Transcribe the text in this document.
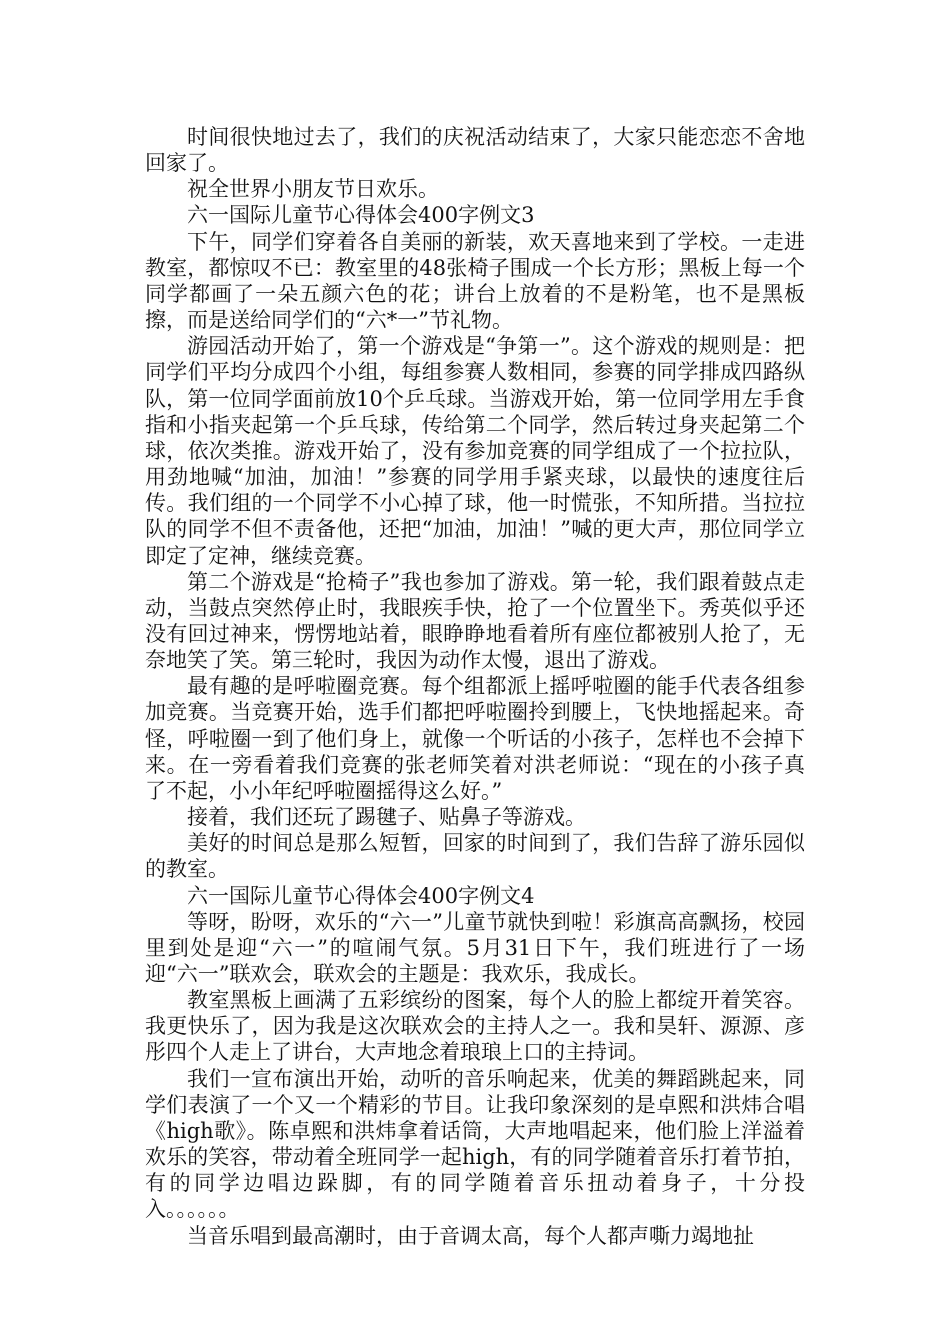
时间很快地过去了，我们的庆祝活动结束了，大家只能恋恋不舍地回家了。

祝全世界小朋友节日欢乐。

六一国际儿童节心得体会400字例文3

下午，同学们穿着各自美丽的新装，欢天喜地来到了学校。一走进教室，都惊叹不已：教室里的48张椅子围成一个长方形；黑板上每一个同学都画了一朵五颜六色的花；讲台上放着的不是粉笔，也不是黑板擦，而是送给同学们的“六*一”节礼物。

游园活动开始了，第一个游戏是“争第一”。这个游戏的规则是：把同学们平均分成四个小组，每组参赛人数相同，参赛的同学排成四路纵队，第一位同学面前放10个乒乓球。当游戏开始，第一位同学用左手食指和小指夹起第一个乒乓球，传给第二个同学，然后转过身夹起第二个球，依次类推。游戏开始了，没有参加竞赛的同学组成了一个拉拉队，用劲地喊“加油，加油！”参赛的同学用手紧夹球，以最快的速度往后传。我们组的一个同学不小心掉了球，他一时慌张，不知所措。当拉拉队的同学不但不责备他，还把“加油，加油！”喊的更大声，那位同学立即定了定神，继续竞赛。

第二个游戏是“抢椅子”我也参加了游戏。第一轮，我们跟着鼓点走动，当鼓点突然停止时，我眼疾手快，抢了一个位置坐下。秀英似乎还没有回过神来，愣愣地站着，眼睁睁地看着所有座位都被别人抢了，无奈地笑了笑。第三轮时，我因为动作太慢，退出了游戏。

最有趣的是呼啦圈竞赛。每个组都派上摇呼啦圈的能手代表各组参加竞赛。当竞赛开始，选手们都把呼啦圈拎到腰上，飞快地摇起来。奇怪，呼啦圈一到了他们身上，就像一个听话的小孩子，怎样也不会掉下来。在一旁看着我们竞赛的张老师笑着对洪老师说：“现在的小孩子真了不起，小小年纪呼啦圈摇得这么好。”

接着，我们还玩了踢毽子、贴鼻子等游戏。

美好的时间总是那么短暂，回家的时间到了，我们告辞了游乐园似的教室。

六一国际儿童节心得体会400字例文4

等呀，盼呀，欢乐的“六一”儿童节就快到啦！彩旗高高飘扬，校园里到处是迎“六一”的喧闹气氛。5月31日下午，我们班进行了一场迎“六一”联欢会，联欢会的主题是：我欢乐，我成长。

教室黑板上画满了五彩缤纷的图案，每个人的脸上都绽开着笑容。我更快乐了，因为我是这次联欢会的主持人之一。我和昊轩、源源、彦彤四个人走上了讲台，大声地念着琅琅上口的主持词。

我们一宣布演出开始，动听的音乐响起来，优美的舞蹈跳起来，同学们表演了一个又一个精彩的节目。让我印象深刻的是卓熙和洪炜合唱《high歌》。陈卓熙和洪炜拿着话筒，大声地唱起来，他们脸上洋溢着欢乐的笑容，带动着全班同学一起high，有的同学随着音乐打着节拍，有的同学边唱边跺脚，有的同学随着音乐扭动着身子，十分投入。。。。。。

当音乐唱到最高潮时，由于音调太高，每个人都声嘶力竭地扯
